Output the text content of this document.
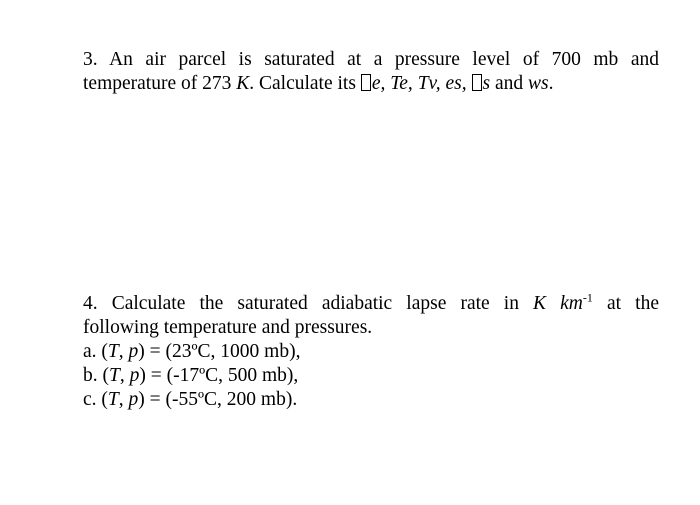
3. An air parcel is saturated at a pressure level of 700 mb and
temperature of 273 K. Calculate its e, Te, Tv, es, s and ws.
4. Calculate the saturated adiabatic lapse rate in K $km^{-1}$ at the
following temperature and pressures.
a. (T, p) = (23ºC, 1000 mb),
b. (T, p) = (-17ºC, 500 mb),
c. (T, p) = (-55ºC, 200 mb).
